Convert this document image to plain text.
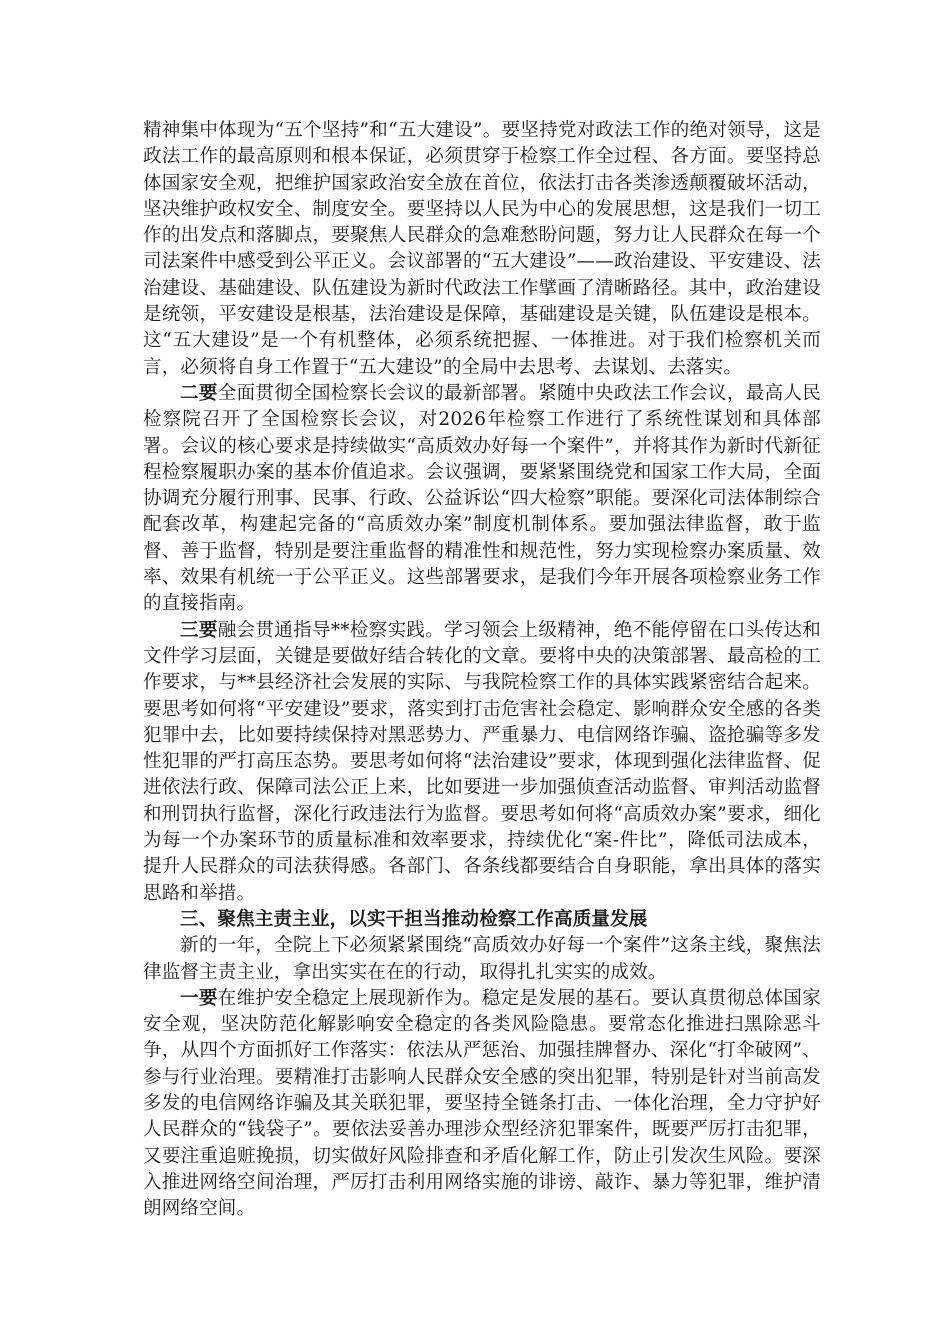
精神集中体现为“五个坚持”和“五大建设”。要坚持党对政法工作的绝对领导，这是政法工作的最高原则和根本保证，必须贯穿于检察工作全过程、各方面。要坚持总体国家安全观，把维护国家政治安全放在首位，依法打击各类渗透颠覆破坏活动，坚决维护政权安全、制度安全。要坚持以人民为中心的发展思想，这是我们一切工作的出发点和落脚点，要聚焦人民群众的急难愁盼问题，努力让人民群众在每一个司法案件中感受到公平正义。会议部署的“五大建设”——政治建设、平安建设、法治建设、基础建设、队伍建设为新时代政法工作擘画了清晰路径。其中，政治建设是统领，平安建设是根基，法治建设是保障，基础建设是关键，队伍建设是根本。这“五大建设”是一个有机整体，必须系统把握、一体推进。对于我们检察机关而言，必须将自身工作置于“五大建设”的全局中去思考、去谋划、去落实。

二要全面贯彻全国检察长会议的最新部署。紧随中央政法工作会议，最高人民检察院召开了全国检察长会议，对2026年检察工作进行了系统性谋划和具体部署。会议的核心要求是持续做实“高质效办好每一个案件”，并将其作为新时代新征程检察履职办案的基本价值追求。会议强调，要紧紧围绕党和国家工作大局，全面协调充分履行刑事、民事、行政、公益诉讼“四大检察”职能。要深化司法体制综合配套改革，构建起完备的“高质效办案”制度机制体系。要加强法律监督，敢于监督、善于监督，特别是要注重监督的精准性和规范性，努力实现检察办案质量、效率、效果有机统一于公平正义。这些部署要求，是我们今年开展各项检察业务工作的直接指南。

三要融会贯通指导**检察实践。学习领会上级精神，绝不能停留在口头传达和文件学习层面，关键是要做好结合转化的文章。要将中央的决策部署、最高检的工作要求，与**县经济社会发展的实际、与我院检察工作的具体实践紧密结合起来。要思考如何将“平安建设”要求，落实到打击危害社会稳定、影响群众安全感的各类犯罪中去，比如要持续保持对黑恶势力、严重暴力、电信网络诈骗、盗抢骗等多发性犯罪的严打高压态势。要思考如何将“法治建设”要求，体现到强化法律监督、促进依法行政、保障司法公正上来，比如要进一步加强侦查活动监督、审判活动监督和刑罚执行监督，深化行政违法行为监督。要思考如何将“高质效办案”要求，细化为每一个办案环节的质量标准和效率要求，持续优化“案-件比”，降低司法成本，提升人民群众的司法获得感。各部门、各条线都要结合自身职能，拿出具体的落实思路和举措。

三、聚焦主责主业，以实干担当推动检察工作高质量发展

新的一年，全院上下必须紧紧围绕“高质效办好每一个案件”这条主线，聚焦法律监督主责主业，拿出实实在在的行动，取得扎扎实实的成效。

一要在维护安全稳定上展现新作为。稳定是发展的基石。要认真贯彻总体国家安全观，坚决防范化解影响安全稳定的各类风险隐患。要常态化推进扫黑除恶斗争，从四个方面抓好工作落实：依法从严惩治、加强挂牌督办、深化“打伞破网”、参与行业治理。要精准打击影响人民群众安全感的突出犯罪，特别是针对当前高发多发的电信网络诈骗及其关联犯罪，要坚持全链条打击、一体化治理，全力守护好人民群众的“钱袋子”。要依法妥善办理涉众型经济犯罪案件，既要严厉打击犯罪，又要注重追赃挽损，切实做好风险排查和矛盾化解工作，防止引发次生风险。要深入推进网络空间治理，严厉打击利用网络实施的诽谤、敲诈、暴力等犯罪，维护清朗网络空间。
